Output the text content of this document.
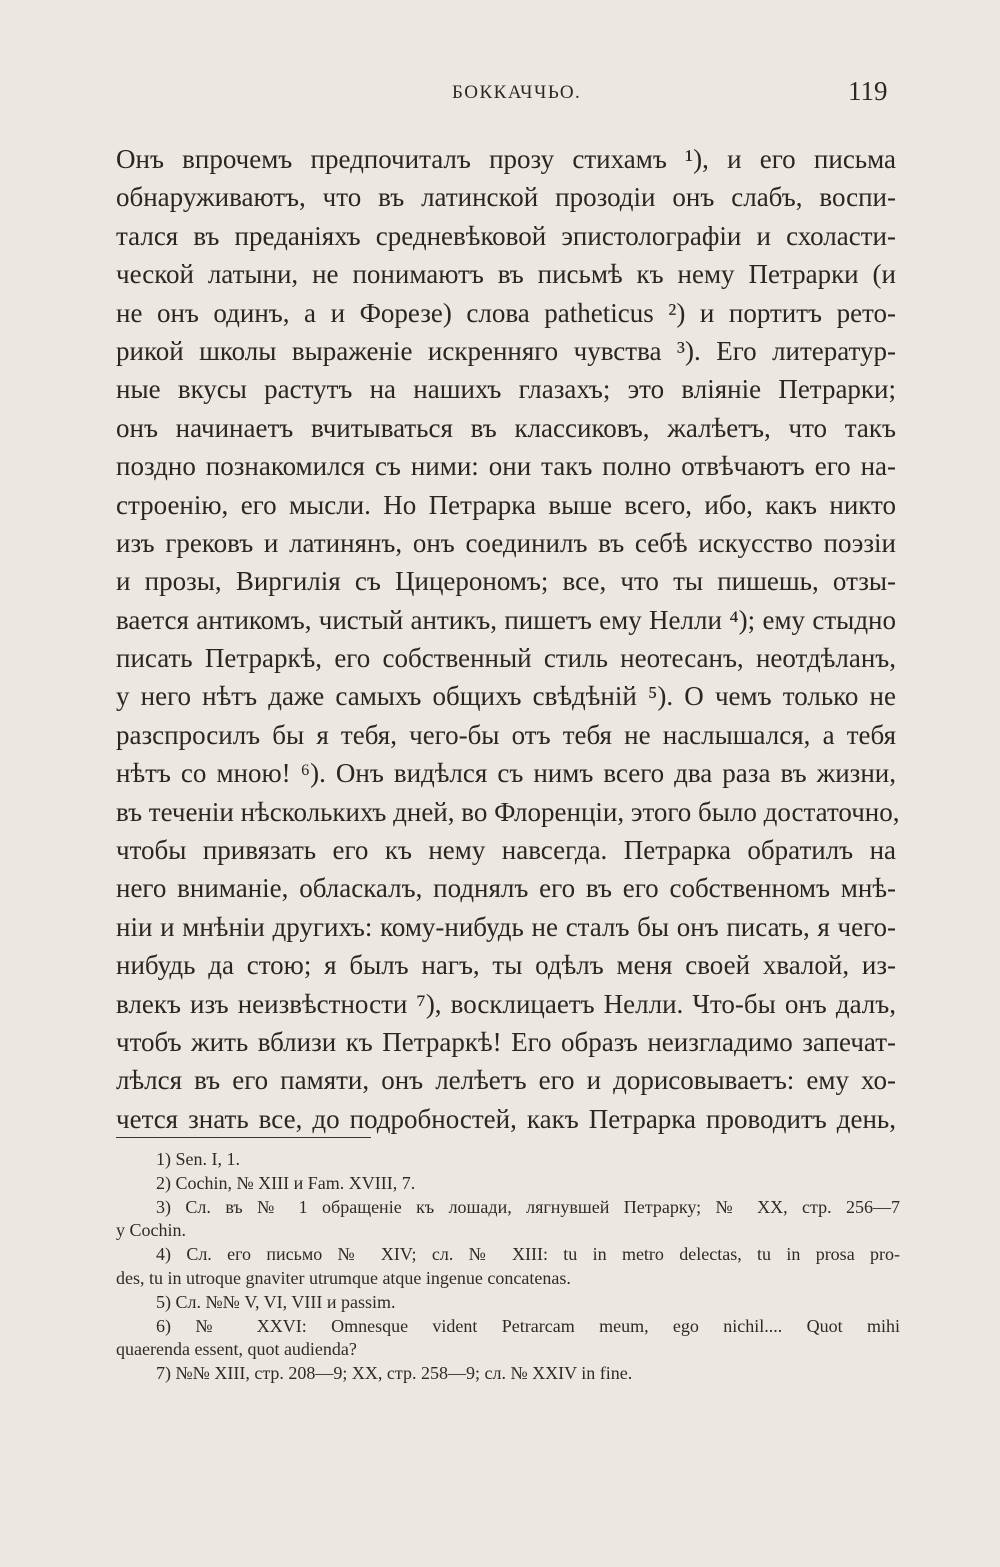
БОККАЧЧЬО.	119
Онъ впрочемъ предпочиталъ прозу стихамъ ¹), и его письма
обнаруживаютъ, что въ латинской прозодіи онъ слабъ, воспи-
тался въ преданіяхъ средневѣковой эпистолографіи и схоласти-
ческой латыни, не понимаютъ въ письмѣ къ нему Петрарки (и
не онъ одинъ, а и Форезе) слова patheticus ²) и портитъ рето-
рикой школы выраженіе искренняго чувства ³). Его литератур-
ные вкусы растутъ на нашихъ глазахъ; это вліяніе Петрарки;
онъ начинаетъ вчитываться въ классиковъ, жалѣетъ, что такъ
поздно познакомился съ ними: они такъ полно отвѣчаютъ его на-
строенію, его мысли. Но Петрарка выше всего, ибо, какъ никто
изъ грековъ и латинянъ, онъ соединилъ въ себѣ искусство поэзіи
и прозы, Виргилія съ Цицерономъ; все, что ты пишешь, отзы-
вается антикомъ, чистый антикъ, пишетъ ему Нелли ⁴); ему стыдно
писать Петраркѣ, его собственный стиль неотесанъ, неотдѣланъ,
у него нѣтъ даже самыхъ общихъ свѣдѣній ⁵). О чемъ только не
разспросилъ бы я тебя, чего-бы отъ тебя не наслышался, а тебя
нѣтъ со мною! ⁶). Онъ видѣлся съ нимъ всего два раза въ жизни,
въ теченіи нѣсколькихъ дней, во Флоренціи, этого было достаточно,
чтобы привязать его къ нему навсегда. Петрарка обратилъ на
него вниманіе, обласкалъ, поднялъ его въ его собственномъ мнѣ-
ніи и мнѣніи другихъ: кому-нибудь не сталъ бы онъ писать, я чего-
нибудь да стою; я былъ нагъ, ты одѣлъ меня своей хвалой, из-
влекъ изъ неизвѣстности ⁷), восклицаетъ Нелли. Что-бы онъ далъ,
чтобъ жить вблизи къ Петраркѣ! Его образъ неизгладимо запечат-
лѣлся въ его памяти, онъ лелѣетъ его и дорисовываетъ: ему хо-
чется знать все, до подробностей, какъ Петрарка проводитъ день,
1) Sen. I, 1.
2) Cochin, № XIII и Fam. XVIII, 7.
3) Сл. въ № 1 обращеніе къ лошади, лягнувшей Петрарку; № XX, стр. 256—7
у Cochin.
4) Сл. его письмо № XIV; сл. № XIII: tu in metro delectas, tu in prosa pro-
des, tu in utroque gnaviter utrumque atque ingenue concatenas.
5) Сл. №№ V, VI, VIII и passim.
6) № XXVI: Omnesque vident Petrarcam meum, ego nichil.... Quot mihi
quaerenda essent, quot audienda?
7) №№ XIII, стр. 208—9; XX, стр. 258—9; сл. № XXIV in fine.
